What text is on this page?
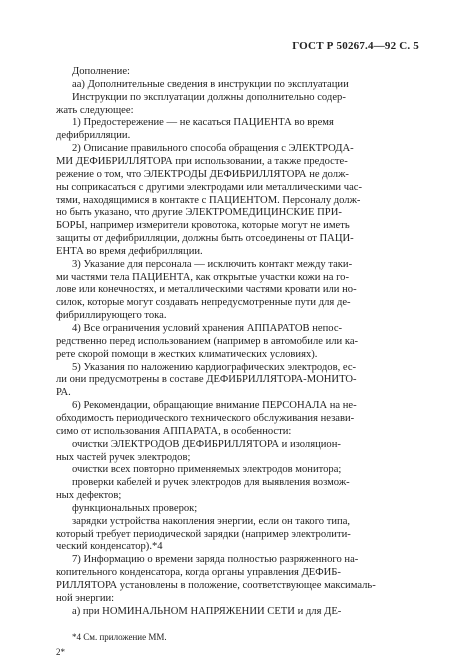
ГОСТ Р 50267.4—92 С. 5
Дополнение:
аа) Дополнительные сведения в инструкции по эксплуатации
Инструкции по эксплуатации должны дополнительно содер-
жать следующее:
1) Предостережение — не касаться ПАЦИЕНТА во время
дефибрилляции.
2) Описание правильного способа обращения с ЭЛЕКТРОДА-
МИ ДЕФИБРИЛЛЯТОРА при использовании, а также предосте-
режение о том, что ЭЛЕКТРОДЫ ДЕФИБРИЛЛЯТОРА не долж-
ны соприкасаться с другими электродами или металлическими час-
тями, находящимися в контакте с ПАЦИЕНТОМ. Персоналу долж-
но быть указано, что другие ЭЛЕКТРОМЕДИЦИНСКИЕ ПРИ-
БОРЫ, например измерители кровотока, которые могут не иметь
защиты от дефибрилляции, должны быть отсоединены от ПАЦИ-
ЕНТА во время дефибрилляции.
3) Указание для персонала — исключить контакт между таки-
ми частями тела ПАЦИЕНТА, как открытые участки кожи на го-
лове или конечностях, и металлическими частями кровати или но-
силок, которые могут создавать непредусмотренные пути для де-
фибриллирующего тока.
4) Все ограничения условий хранения АППАРАТОВ непос-
редственно перед использованием (например в автомобиле или ка-
рете скорой помощи в жестких климатических условиях).
5) Указания по наложению кардиографических электродов, ес-
ли они предусмотрены в составе ДЕФИБРИЛЛЯТОРА-МОНИТО-
РА.
6) Рекомендации, обращающие внимание ПЕРСОНАЛА на не-
обходимость периодического технического обслуживания незави-
симо от использования АППАРАТА, в особенности:
очистки ЭЛЕКТРОДОВ ДЕФИБРИЛЛЯТОРА и изоляцион-
ных частей ручек электродов;
очистки всех повторно применяемых электродов монитора;
проверки кабелей и ручек электродов для выявления возмож-
ных дефектов;
функциональных проверок;
зарядки устройства накопления энергии, если он такого типа,
который требует периодической зарядки (например электролити-
ческий конденсатор).*4
7) Информацию о времени заряда полностью разряженного на-
копительного конденсатора, когда органы управления ДЕФИБ-
РИЛЛЯТОРА установлены в положение, соответствующее максималь-
ной энергии:
а) при НОМИНАЛЬНОМ НАПРЯЖЕНИИ СЕТИ и для ДЕ-
*4 См. приложение ММ.
2*
